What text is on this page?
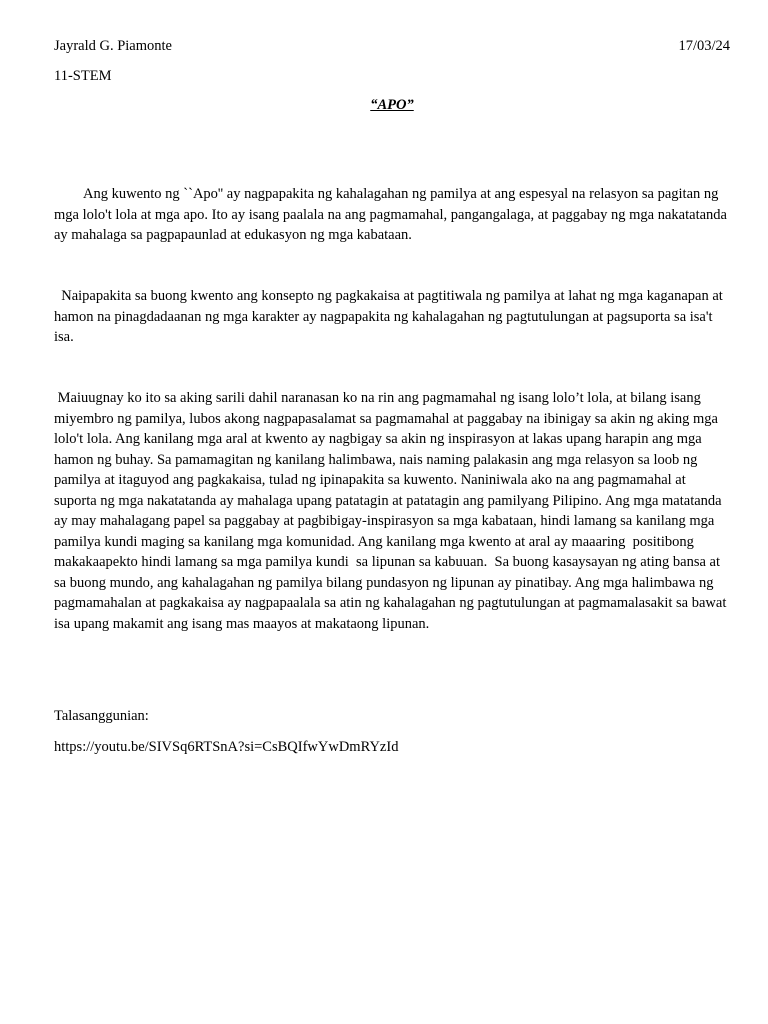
Jayrald G. Piamonte	17/03/24
11-STEM
“APO”

Ang kuwento ng ``Apo'' ay nagpapakita ng kahalagahan ng pamilya at ang espesyal na relasyon sa pagitan ng mga lolo't lola at mga apo. Ito ay isang paalala na ang pagmamahal, pangangalaga, at paggabay ng mga nakatatanda ay mahalaga sa pagpapaunlad at edukasyon ng mga kabataan.

Naipapakita sa buong kwento ang konsepto ng pagkakaisa at pagtitiwala ng pamilya at lahat ng mga kaganapan at hamon na pinagdadaanan ng mga karakter ay nagpapakita ng kahalagahan ng pagtutulungan at pagsuporta sa isa't isa.

Maiuugnay ko ito sa aking sarili dahil naranasan ko na rin ang pagmamahal ng isang lolo’t lola, at bilang isang miyembro ng pamilya, lubos akong nagpapasalamat sa pagmamahal at paggabay na ibinigay sa akin ng aking mga lolo't lola. Ang kanilang mga aral at kwento ay nagbigay sa akin ng inspirasyon at lakas upang harapin ang mga hamon ng buhay. Sa pamamagitan ng kanilang halimbawa, nais naming palakasin ang mga relasyon sa loob ng pamilya at itaguyod ang pagkakaisa, tulad ng ipinapakita sa kuwento. Naniniwala ako na ang pagmamahal at suporta ng mga nakatatanda ay mahalaga upang patatagin at patatagin ang pamilyang Pilipino. Ang mga matatanda ay may mahalagang papel sa paggabay at pagbibigay-inspirasyon sa mga kabataan, hindi lamang sa kanilang mga pamilya kundi maging sa kanilang mga komunidad. Ang kanilang mga kwento at aral ay maaaring  positibong makakaapekto hindi lamang sa mga pamilya kundi  sa lipunan sa kabuuan.  Sa buong kasaysayan ng ating bansa at sa buong mundo, ang kahalagahan ng pamilya bilang pundasyon ng lipunan ay pinatibay. Ang mga halimbawa ng pagmamahalan at pagkakaisa ay nagpapaalala sa atin ng kahalagahan ng pagtutulungan at pagmamalasakit sa bawat isa upang makamit ang isang mas maayos at makataong lipunan.

Talasanggunian:
https://youtu.be/SIVSq6RTSnA?si=CsBQIfwYwDmRYzId
